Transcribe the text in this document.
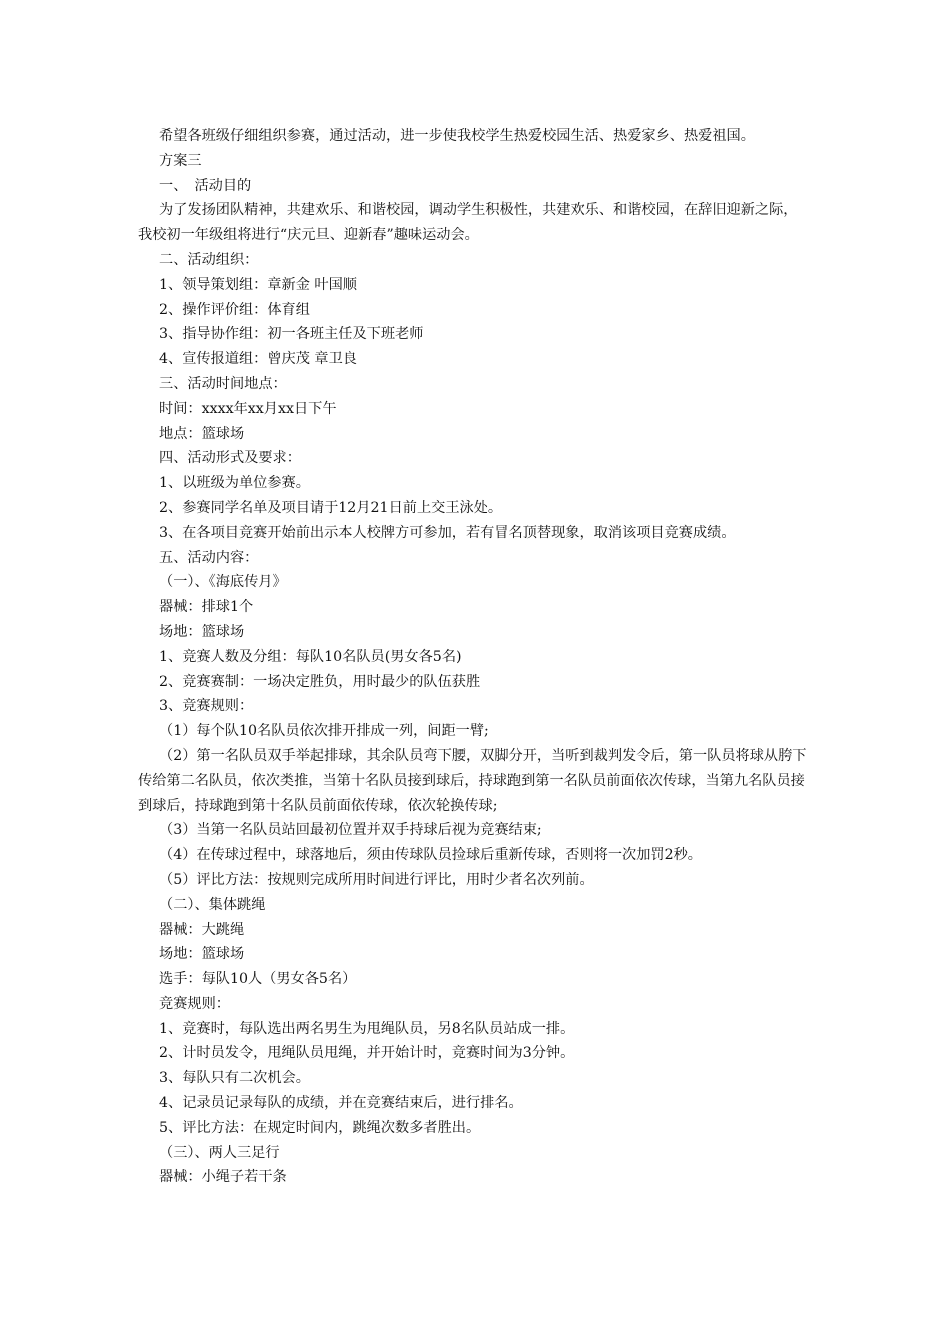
希望各班级仔细组织参赛，通过活动，进一步使我校学生热爱校园生活、热爱家乡、热爱祖国。

方案三

一、　活动目的

为了发扬团队精神，共建欢乐、和谐校园，调动学生积极性，共建欢乐、和谐校园，在辞旧迎新之际，我校初一年级组将进行“庆元旦、迎新春”趣味运动会。

二、活动组织：

1、领导策划组：章新金 叶国顺

2、操作评价组：体育组

3、指导协作组：初一各班主任及下班老师

4、宣传报道组：曾庆茂 章卫良

三、活动时间地点：

时间：xxxx年xx月xx日下午

地点：篮球场

四、活动形式及要求：

1、以班级为单位参赛。

2、参赛同学名单及项目请于12月21日前上交王泳处。

3、在各项目竞赛开始前出示本人校牌方可参加，若有冒名顶替现象，取消该项目竞赛成绩。

五、活动内容：

（一）、《海底传月》

器械：排球1个

场地：篮球场

1、竞赛人数及分组：每队10名队员(男女各5名)

2、竞赛赛制：一场决定胜负，用时最少的队伍获胜

3、竞赛规则：

（1）每个队10名队员依次排开排成一列，间距一臂;

（2）第一名队员双手举起排球，其余队员弯下腰，双脚分开，当听到裁判发令后，第一队员将球从胯下传给第二名队员，依次类推，当第十名队员接到球后，持球跑到第一名队员前面依次传球，当第九名队员接到球后，持球跑到第十名队员前面依传球，依次轮换传球;

（3）当第一名队员站回最初位置并双手持球后视为竞赛结束;

（4）在传球过程中，球落地后，须由传球队员捡球后重新传球，否则将一次加罚2秒。

（5）评比方法：按规则完成所用时间进行评比，用时少者名次列前。

（二）、集体跳绳

器械：大跳绳

场地：篮球场

选手：每队10人（男女各5名）

竞赛规则：

1、竞赛时，每队选出两名男生为甩绳队员，另8名队员站成一排。

2、计时员发令，甩绳队员甩绳，并开始计时，竞赛时间为3分钟。

3、每队只有二次机会。

4、记录员记录每队的成绩，并在竞赛结束后，进行排名。

5、评比方法：在规定时间内，跳绳次数多者胜出。

（三）、两人三足行

器械：小绳子若干条
